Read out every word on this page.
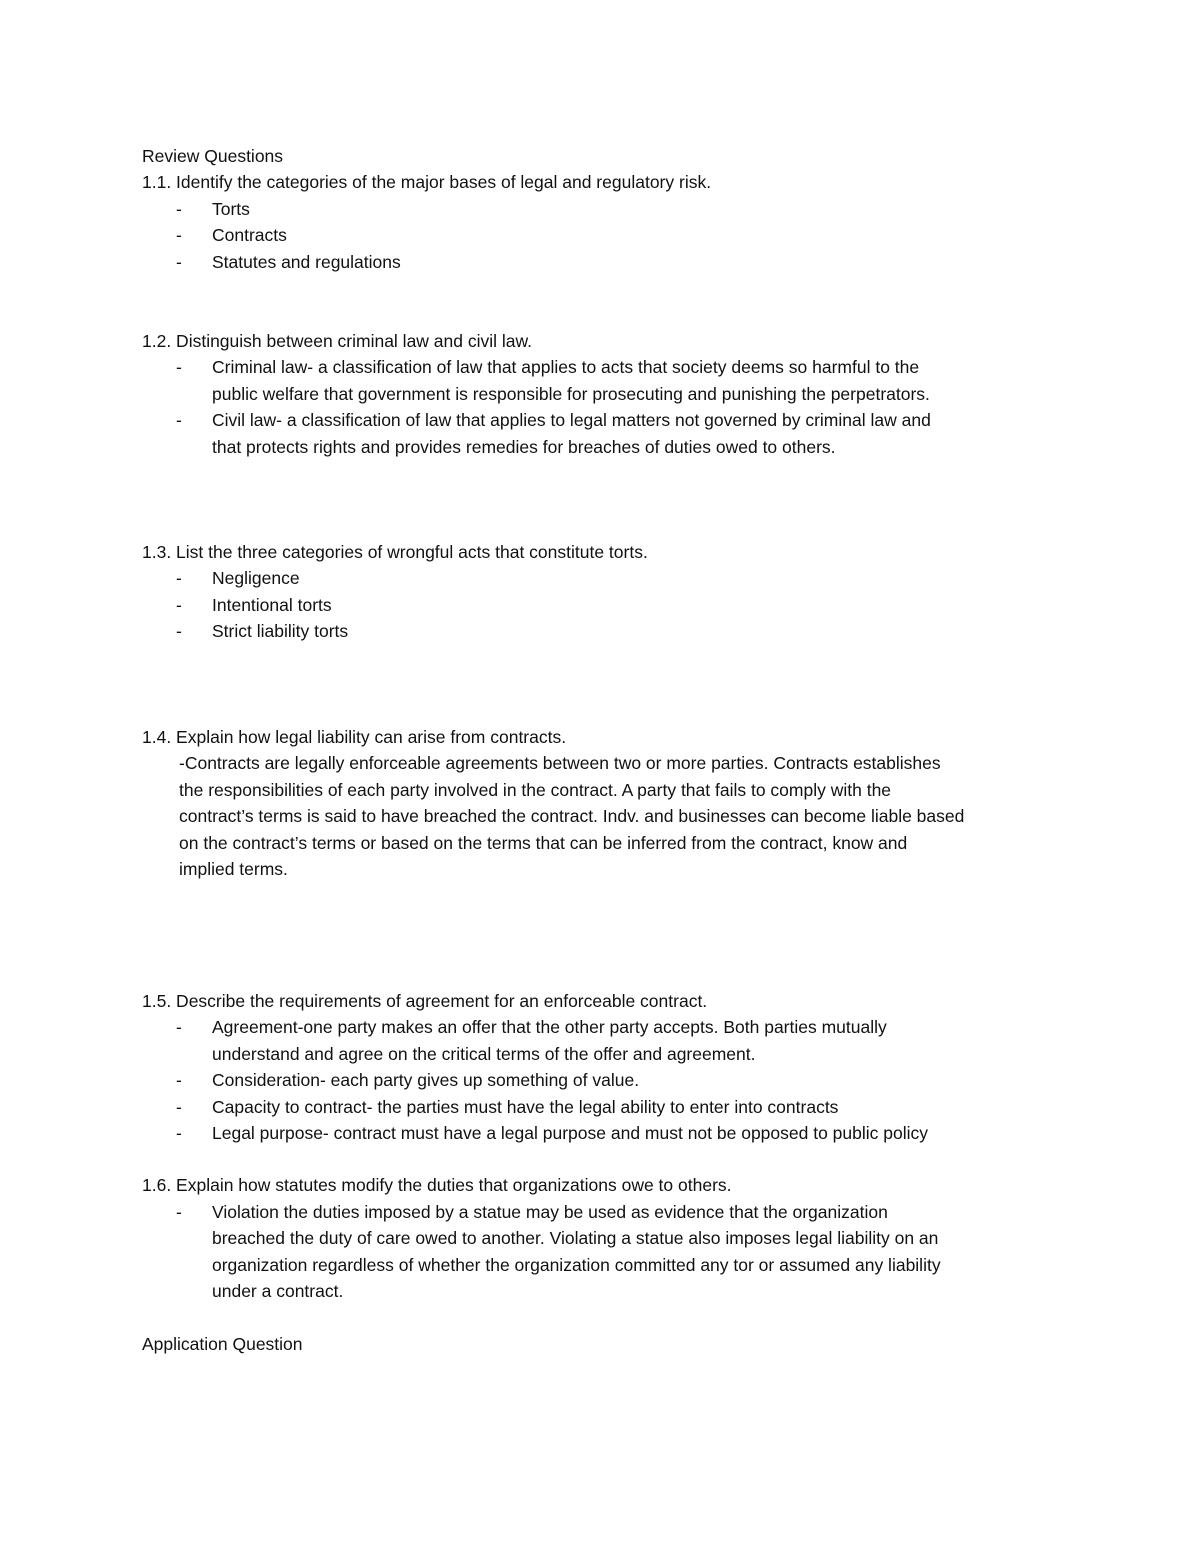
Review Questions
1.1. Identify the categories of the major bases of legal and regulatory risk.
- Torts
- Contracts
- Statutes and regulations
1.2. Distinguish between criminal law and civil law.
- Criminal law- a classification of law that applies to acts that society deems so harmful to the
public welfare that government is responsible for prosecuting and punishing the perpetrators.
- Civil law- a classification of law that applies to legal matters not governed by criminal law and
that protects rights and provides remedies for breaches of duties owed to others.
1.3. List the three categories of wrongful acts that constitute torts.
- Negligence
- Intentional torts
- Strict liability torts
1.4. Explain how legal liability can arise from contracts.
-Contracts are legally enforceable agreements between two or more parties. Contracts establishes
the responsibilities of each party involved in the contract. A party that fails to comply with the
contract’s terms is said to have breached the contract. Indv. and businesses can become liable based
on the contract’s terms or based on the terms that can be inferred from the contract, know and
implied terms.
1.5. Describe the requirements of agreement for an enforceable contract.
- Agreement-one party makes an offer that the other party accepts. Both parties mutually
understand and agree on the critical terms of the offer and agreement.
- Consideration- each party gives up something of value.
- Capacity to contract- the parties must have the legal ability to enter into contracts
- Legal purpose- contract must have a legal purpose and must not be opposed to public policy
1.6. Explain how statutes modify the duties that organizations owe to others.
- Violation the duties imposed by a statue may be used as evidence that the organization
breached the duty of care owed to another. Violating a statue also imposes legal liability on an
organization regardless of whether the organization committed any tor or assumed any liability
under a contract.
Application Question
